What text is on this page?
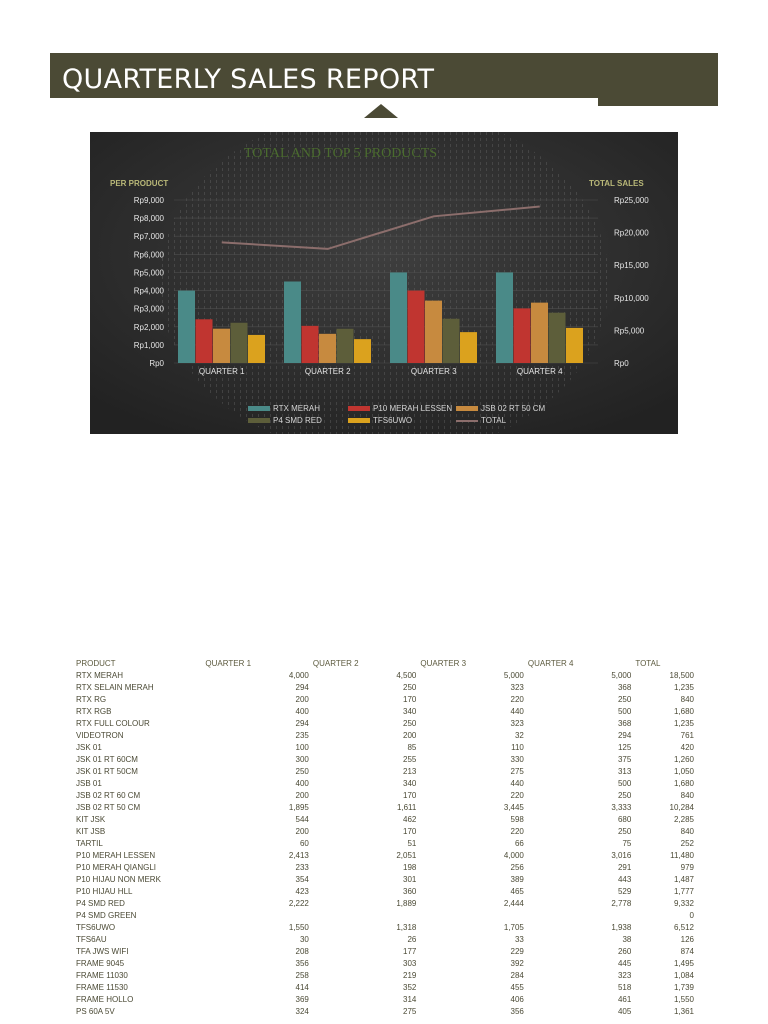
QUARTERLY SALES REPORT
Rp0
Rp1,000
Rp2,000
Rp3,000
Rp4,000
Rp5,000
Rp6,000
Rp7,000
Rp8,000
Rp9,000
Rp0
Rp5,000
Rp10,000
Rp15,000
Rp20,000
Rp25,000
QUARTER 1	QUARTER 2	QUARTER 3	QUARTER 4
TOTAL AND TOP 5 PRODUCTS
PER PRODUCT	TOTAL SALES
RTX MERAH	P10 MERAH LESSEN	JSB 02 RT 50 CM
P4 SMD RED	TFS6UWO	TOTAL
PRODUCT	QUARTER 1	QUARTER 2	QUARTER 3	QUARTER 4	TOTAL
RTX MERAH	4,000	4,500	5,000	5,000	18,500
RTX SELAIN MERAH	294	250	323	368	1,235
RTX RG	200	170	220	250	840
RTX RGB	400	340	440	500	1,680
RTX FULL COLOUR	294	250	323	368	1,235
VIDEOTRON	235	200	32	294	761
JSK 01	100	85	110	125	420
JSK 01 RT 60CM	300	255	330	375	1,260
JSK 01 RT 50CM	250	213	275	313	1,050
JSB 01	400	340	440	500	1,680
JSB 02 RT 60 CM	200	170	220	250	840
JSB 02 RT 50 CM	1,895	1,611	3,445	3,333	10,284
KIT JSK	544	462	598	680	2,285
KIT JSB	200	170	220	250	840
TARTIL	60	51	66	75	252
P10 MERAH LESSEN	2,413	2,051	4,000	3,016	11,480
P10 MERAH QIANGLI	233	198	256	291	979
P10 HIJAU NON MERK	354	301	389	443	1,487
P10 HIJAU HLL	423	360	465	529	1,777
P4 SMD RED	2,222	1,889	2,444	2,778	9,332
P4 SMD GREEN					0
TFS6UWO	1,550	1,318	1,705	1,938	6,512
TFS6AU	30	26	33	38	126
TFA JWS WIFI	208	177	229	260	874
FRAME 9045	356	303	392	445	1,495
FRAME 11030	258	219	284	323	1,084
FRAME 11530	414	352	455	518	1,739
FRAME HOLLO	369	314	406	461	1,550
PS 60A 5V	324	275	356	405	1,361
